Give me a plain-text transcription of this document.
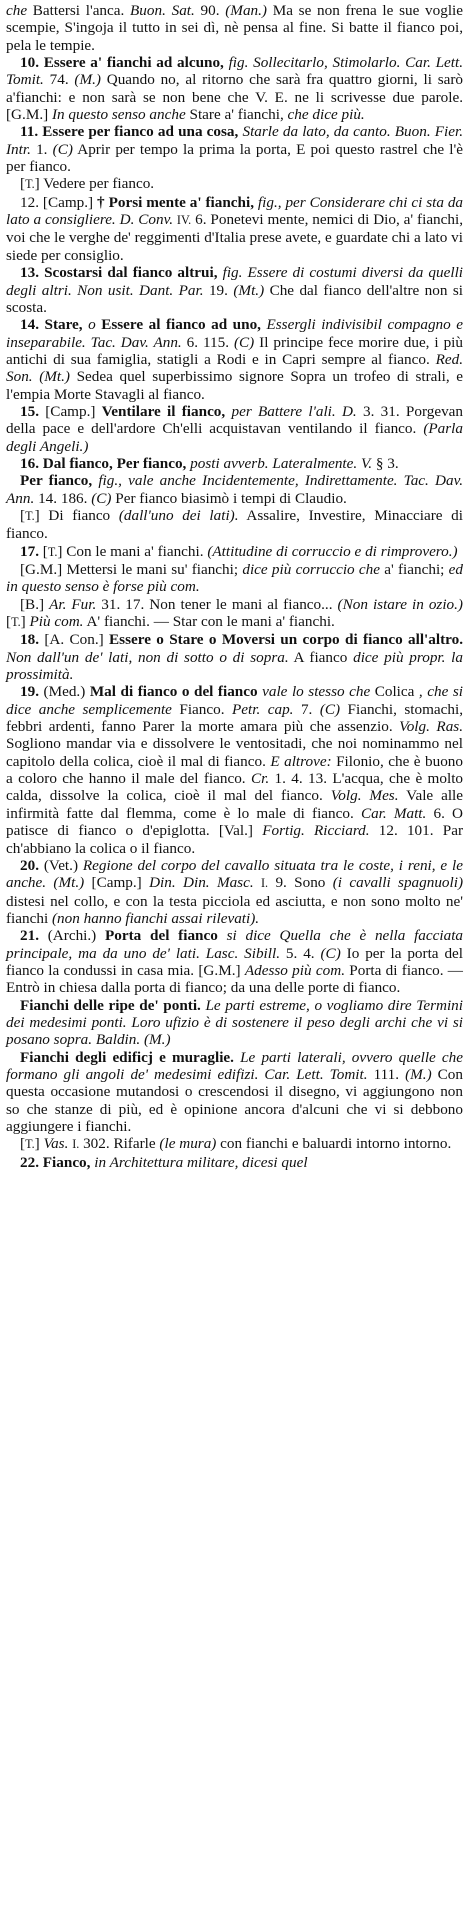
che Battersi l'anca. Buon. Sat. 90. (Man.) Ma se non frena le sue voglie scempie, S'ingoja il tutto in sei dì, nè pensa al fine. Si batte il fianco poi, pela le tempie.

10. Essere a' fianchi ad alcuno, fig. Sollecitarlo, Stimolarlo. Car. Lett. Tomit. 74. (M.) Quando no, al ritorno che sarà fra quattro giorni, li sarò a'fianchi: e non sarà se non bene che V. E. ne li scrivesse due parole. [G.M.] In questo senso anche Stare a' fianchi, che dice più.

11. Essere per fianco ad una cosa, Starle da lato, da canto. Buon. Fier. Intr. 1. (C) Aprir per tempo la prima la porta, E poi questo rastrel che l'è per fianco.

[T.] Vedere per fianco.

12. [Camp.] † Porsi mente a' fianchi, fig., per Considerare chi ci sta da lato a consigliere. D. Conv. IV. 6. Ponetevi mente, nemici di Dio, a' fianchi, voi che le verghe de' reggimenti d'Italia prese avete, e guardate chi a lato vi siede per consiglio.

13. Scostarsi dal fianco altrui, fig. Essere di costumi diversi da quelli degli altri. Non usit. Dant. Par. 19. (Mt.) Che dal fianco dell'altre non si scosta.

14. Stare, o Essere al fianco ad uno, Essergli indivisibil compagno e inseparabile. Tac. Dav. Ann. 6. 115. (C) Il principe fece morire due, i più antichi di sua famiglia, statigli a Rodi e in Capri sempre al fianco. Red. Son. (Mt.) Sedea quel superbissimo signore Sopra un trofeo di strali, e l'empia Morte Stavagli al fianco.

15. [Camp.] Ventilare il fianco, per Battere l'ali. D. 3. 31. Porgevan della pace e dell'ardore Ch'elli acquistavan ventilando il fianco. (Parla degli Angeli.)

16. Dal fianco, Per fianco, posti avverb. Lateralmente. V. § 3.

Per fianco, fig., vale anche Incidentemente, Indirettamente. Tac. Dav. Ann. 14. 186. (C) Per fianco biasimò i tempi di Claudio.

[T.] Di fianco (dall'uno dei lati). Assalire, Investire, Minacciare di fianco.

17. [T.] Con le mani a' fianchi. (Attitudine di corruccio e di rimprovero.)

[G.M.] Mettersi le mani su' fianchi; dice più corruccio che a' fianchi; ed in questo senso è forse più com.

[B.] Ar. Fur. 31. 17. Non tener le mani al fianco... (Non istare in ozio.) [T.] Più com. A' fianchi. — Star con le mani a' fianchi.

18. [A. Con.] Essere o Stare o Moversi un corpo di fianco all'altro. Non dall'un de' lati, non di sotto o di sopra. A fianco dice più propr. la prossimità.

19. (Med.) Mal di fianco o del fianco vale lo stesso che Colica , che si dice anche semplicemente Fianco. Petr. cap. 7. (C) Fianchi, stomachi, febbri ardenti, fanno Parer la morte amara più che assenzio. Volg. Ras. Sogliono mandar via e dissolvere le ventositadi, che noi nominammo nel capitolo della colica, cioè il mal di fianco. E altrove: Filonio, che è buono a coloro che hanno il male del fianco. Cr. 1. 4. 13. L'acqua, che è molto calda, dissolve la colica, cioè il mal del fianco. Volg. Mes. Vale alle infirmità fatte dal flemma, come è lo male di fianco. Car. Matt. 6. O patisce di fianco o d'epiglotta. [Val.] Fortig. Ricciard. 12. 101. Par ch'abbiano la colica o il fianco.

20. (Vet.) Regione del corpo del cavallo situata tra le coste, i reni, e le anche. (Mt.) [Camp.] Din. Din. Masc. I. 9. Sono (i cavalli spagnuoli) distesi nel collo, e con la testa picciola ed asciutta, e non sono molto ne' fianchi (non hanno fianchi assai rilevati).

21. (Archi.) Porta del fianco si dice Quella che è nella facciata principale, ma da uno de' lati. Lasc. Sibill. 5. 4. (C) Io per la porta del fianco la condussi in casa mia. [G.M.] Adesso più com. Porta di fianco. — Entrò in chiesa dalla porta di fianco; da una delle porte di fianco.

Fianchi delle ripe de' ponti. Le parti estreme, o vogliamo dire Termini dei medesimi ponti. Loro ufizio è di sostenere il peso degli archi che vi si posano sopra. Baldin. (M.)

Fianchi degli edificj e muraglie. Le parti laterali, ovvero quelle che formano gli angoli de' medesimi edifizi. Car. Lett. Tomit. 111. (M.) Con questa occasione mutandosi o crescendosi il disegno, vi aggiungono non so che stanze di più, ed è opinione ancora d'alcuni che vi si debbono aggiungere i fianchi.

[T.] Vas. I. 302. Rifarle (le mura) con fianchi e baluardi intorno intorno.

22. Fianco, in Architettura militare, dicesi quel
